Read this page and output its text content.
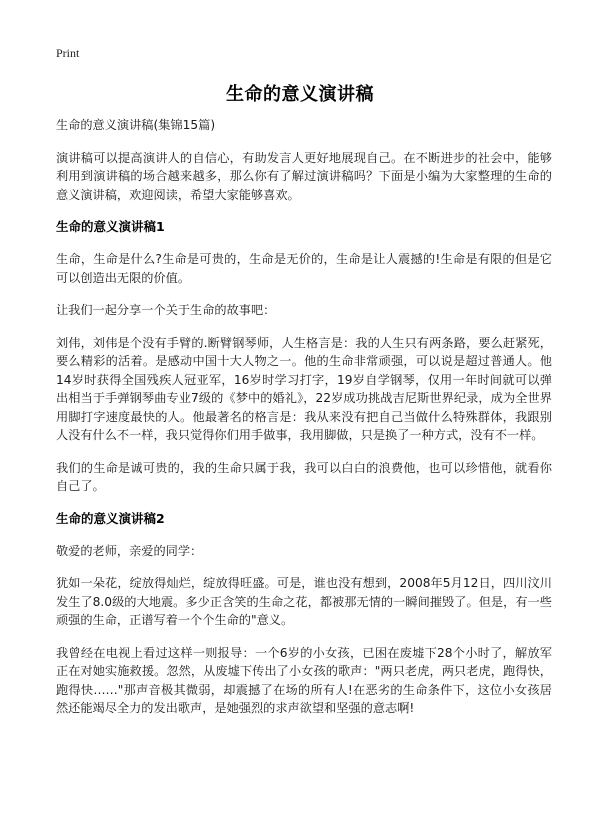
Print
生命的意义演讲稿

生命的意义演讲稿(集锦15篇)

演讲稿可以提高演讲人的自信心，有助发言人更好地展现自己。在不断进步的社会中，能够利用到演讲稿的场合越来越多，那么你有了解过演讲稿吗？下面是小编为大家整理的生命的意义演讲稿，欢迎阅读，希望大家能够喜欢。

生命的意义演讲稿1

生命，生命是什么?生命是可贵的，生命是无价的，生命是让人震撼的!生命是有限的但是它可以创造出无限的价值。

让我们一起分享一个关于生命的故事吧：

刘伟，刘伟是个没有手臂的.断臂钢琴师，人生格言是：我的人生只有两条路，要么赶紧死，要么精彩的活着。是感动中国十大人物之一。他的生命非常顽强，可以说是超过普通人。他14岁时获得全国残疾人冠亚军，16岁时学习打字，19岁自学钢琴，仅用一年时间就可以弹出相当于手弹钢琴曲专业7级的《梦中的婚礼》，22岁成功挑战吉尼斯世界纪录，成为全世界用脚打字速度最快的人。他最著名的格言是：我从来没有把自己当做什么特殊群体，我跟别人没有什么不一样，我只觉得你们用手做事，我用脚做，只是换了一种方式，没有不一样。

我们的生命是诚可贵的，我的生命只属于我，我可以白白的浪费他，也可以珍惜他，就看你自己了。

生命的意义演讲稿2

敬爱的老师，亲爱的同学：

犹如一朵花，绽放得灿烂，绽放得旺盛。可是，谁也没有想到，2008年5月12日，四川汶川发生了8.0级的大地震。多少正含笑的生命之花，都被那无情的一瞬间摧毁了。但是，有一些顽强的生命，正谱写着一个个生命的"意义。

我曾经在电视上看过这样一则报导：一个6岁的小女孩，已困在废墟下28个小时了，解放军正在对她实施救援。忽然，从废墟下传出了小女孩的歌声："两只老虎，两只老虎，跑得快，跑得快……"那声音极其微弱，却震撼了在场的所有人!在恶劣的生命条件下，这位小女孩居然还能竭尽全力的发出歌声，是她强烈的求声欲望和坚强的意志啊!
